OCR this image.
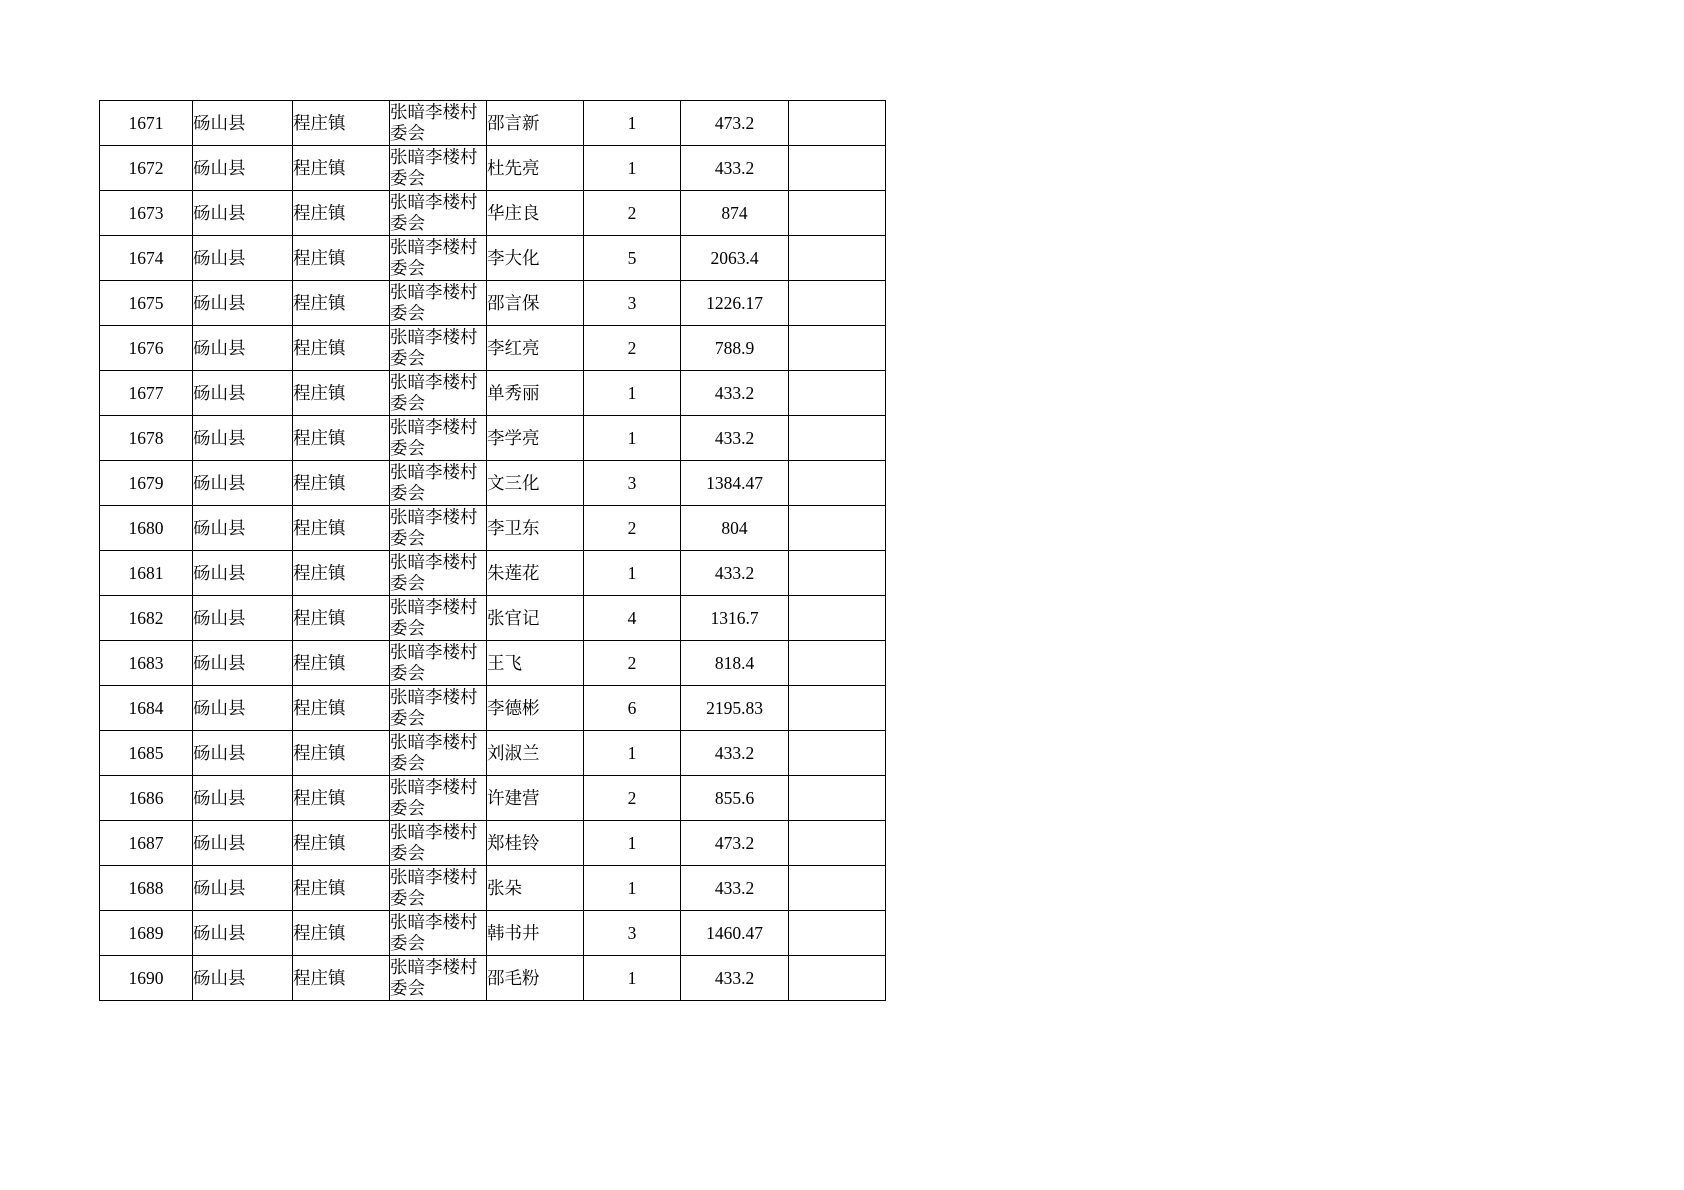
1671	砀山县	程庄镇	张暗李楼村委会	邵言新	1	473.2	
1672	砀山县	程庄镇	张暗李楼村委会	杜先亮	1	433.2	
1673	砀山县	程庄镇	张暗李楼村委会	华庄良	2	874	
1674	砀山县	程庄镇	张暗李楼村委会	李大化	5	2063.4	
1675	砀山县	程庄镇	张暗李楼村委会	邵言保	3	1226.17	
1676	砀山县	程庄镇	张暗李楼村委会	李红亮	2	788.9	
1677	砀山县	程庄镇	张暗李楼村委会	单秀丽	1	433.2	
1678	砀山县	程庄镇	张暗李楼村委会	李学亮	1	433.2	
1679	砀山县	程庄镇	张暗李楼村委会	文三化	3	1384.47	
1680	砀山县	程庄镇	张暗李楼村委会	李卫东	2	804	
1681	砀山县	程庄镇	张暗李楼村委会	朱莲花	1	433.2	
1682	砀山县	程庄镇	张暗李楼村委会	张官记	4	1316.7	
1683	砀山县	程庄镇	张暗李楼村委会	王飞	2	818.4	
1684	砀山县	程庄镇	张暗李楼村委会	李德彬	6	2195.83	
1685	砀山县	程庄镇	张暗李楼村委会	刘淑兰	1	433.2	
1686	砀山县	程庄镇	张暗李楼村委会	许建营	2	855.6	
1687	砀山县	程庄镇	张暗李楼村委会	郑桂铃	1	473.2	
1688	砀山县	程庄镇	张暗李楼村委会	张朵	1	433.2	
1689	砀山县	程庄镇	张暗李楼村委会	韩书井	3	1460.47	
1690	砀山县	程庄镇	张暗李楼村委会	邵毛粉	1	433.2	
